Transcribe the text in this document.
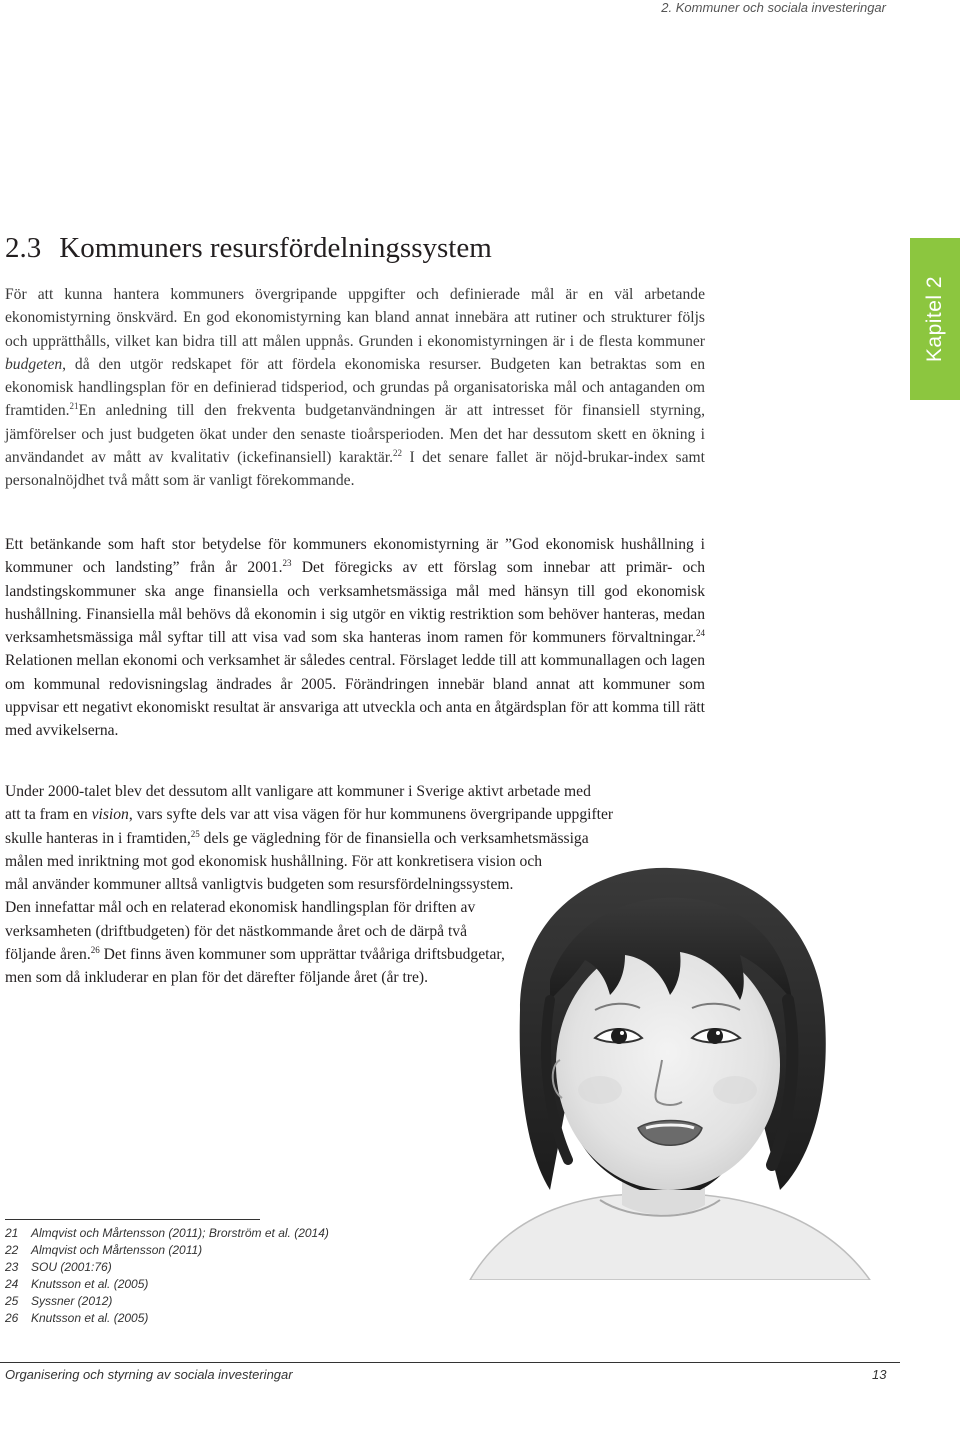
2. Kommuner och sociala investeringar
Kapitel 2
2.3 Kommuners resursfördelningssystem

För att kunna hantera kommuners övergripande uppgifter och definierade mål är en väl arbetande ekonomistyrning önskvärd. En god ekonomistyrning kan bland annat innebära att rutiner och strukturer följs och upprätthålls, vilket kan bidra till att målen uppnås. Grunden i ekonomistyrningen är i de flesta kommuner budgeten, då den utgör redskapet för att fördela ekonomiska resurser. Budgeten kan betraktas som en ekonomisk handlingsplan för en definierad tidsperiod, och grundas på organisatoriska mål och antaganden om framtiden.$^{21}$En anledning till den frekventa budgetanvändningen är att intresset för finansiell styrning, jämförelser och just budgeten ökat under den senaste tioårsperioden. Men det har dessutom skett en ökning i användandet av mått av kvalitativ (ickefinansiell) karaktär.$^{22}$ I det senare fallet är nöjd-brukar-index samt personalnöjdhet två mått som är vanligt förekommande.

Ett betänkande som haft stor betydelse för kommuners ekonomistyrning är ”God ekonomisk hushållning i kommuner och landsting” från år 2001.23 Det föregicks av ett förslag som innebar att primär- och landstingskommuner ska ange finansiella och verksamhetsmässiga mål med hänsyn till god ekonomisk hushållning. Finansiella mål behövs då ekonomin i sig utgör en viktig restriktion som behöver hanteras, medan verksamhetsmässiga mål syftar till att visa vad som ska hanteras inom ramen för kommuners förvaltningar.$^{24}$ Relationen mellan ekonomi och verksamhet är således central. Förslaget ledde till att kommunallagen och lagen om kommunal redovisningslag ändrades år 2005. Förändringen innebär bland annat att kommuner som uppvisar ett negativt ekonomiskt resultat är ansvariga att utveckla och anta en åtgärdsplan för att komma till rätt med avvikelserna.

Under 2000-talet blev det dessutom allt vanligare att kommuner i Sverige aktivt arbetade med
att ta fram en vision, vars syfte dels var att visa vägen för hur kommunens övergripande uppgifter
skulle hanteras in i framtiden,$^{25}$ dels ge vägledning för de finansiella och verksamhetsmässiga
målen med inriktning mot god ekonomisk hushållning. För att konkretisera vision och
mål använder kommuner alltså vanligtvis budgeten som resursfördelningssystem.
Den innefattar mål och en relaterad ekonomisk handlingsplan för driften av
verksamheten (driftbudgeten) för det nästkommande året och de därpå två
följande åren.$^{26}$ Det finns även kommuner som upprättar tvååriga driftsbudgetar,
men som då inkluderar en plan för det därefter följande året (år tre).

21 Almqvist och Mårtensson (2011); Brorström et al. (2014)
22 Almqvist och Mårtensson (2011)
23 SOU (2001:76)
24 Knutsson et al. (2005)
25 Syssner (2012)
26 Knutsson et al. (2005)
Organisering och styrning av sociala investeringar	13
